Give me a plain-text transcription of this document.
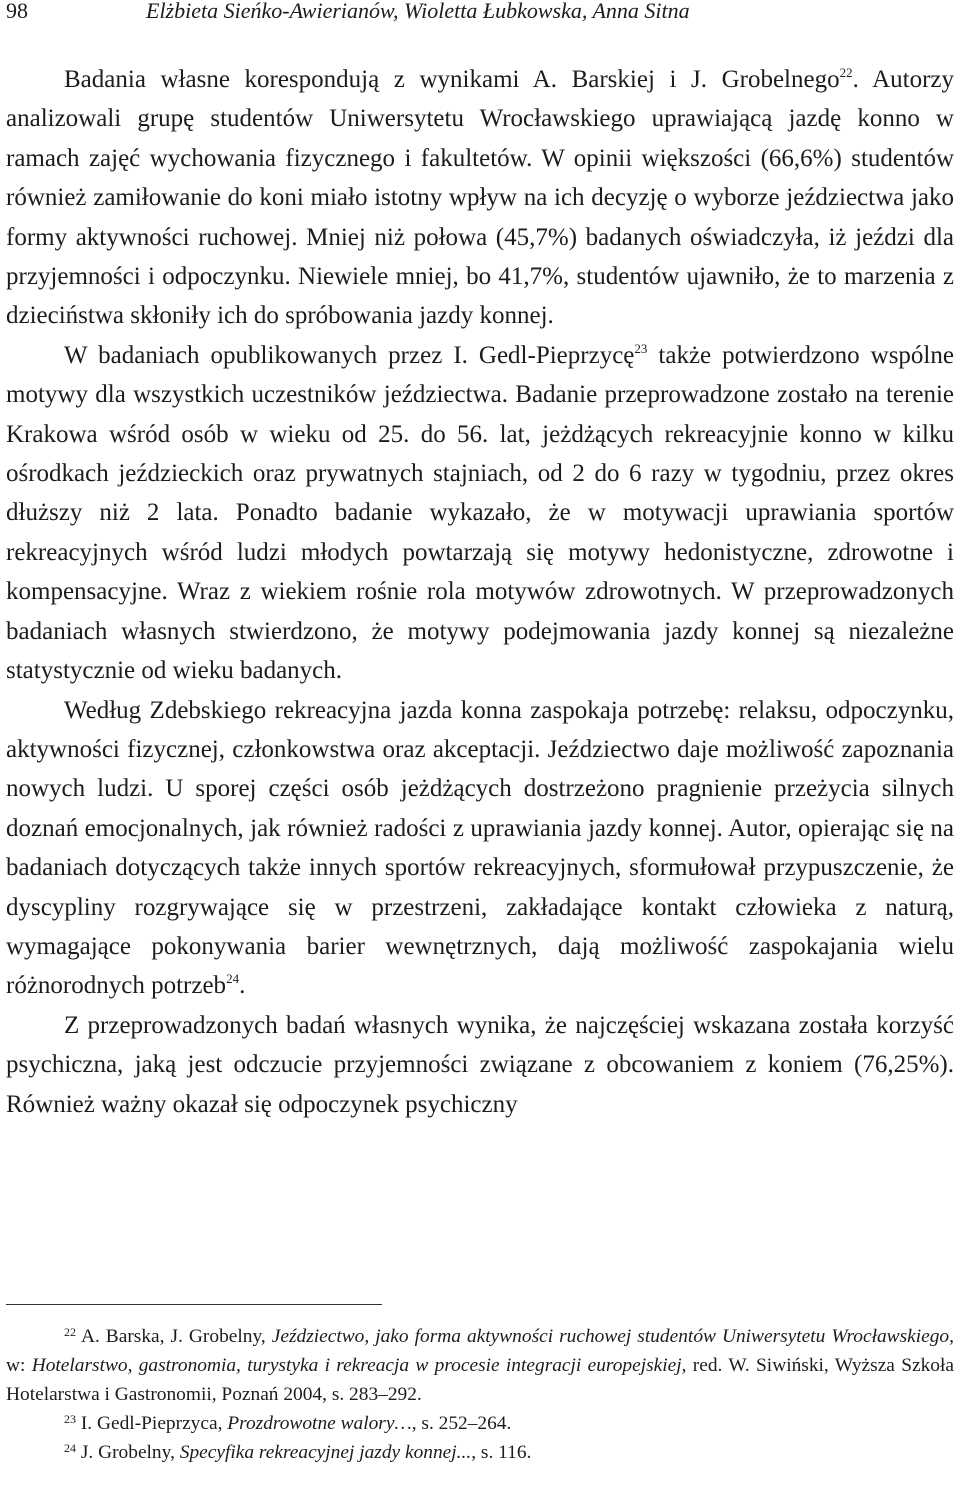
98	Elżbieta Sieńko-Awierianów, Wioletta Łubkowska, Anna Sitna

Badania własne korespondują z wynikami A. Barskiej i J. Grobelnego$^{22}$. Autorzy analizowali grupę studentów Uniwersytetu Wrocławskiego uprawiającą jazdę konno w ramach zajęć wychowania fizycznego i fakultetów. W opinii większości (66,6%) studentów również zamiłowanie do koni miało istotny wpływ na ich decyzję o wyborze jeździectwa jako formy aktywności ruchowej. Mniej niż połowa (45,7%) badanych oświadczyła, iż jeździ dla przyjemności i odpoczynku. Niewiele mniej, bo 41,7%, studentów ujawniło, że to marzenia z dzieciństwa skłoniły ich do spróbowania jazdy konnej.

W badaniach opublikowanych przez I. Gedl-Pieprzycę$^{23}$ także potwierdzono wspólne motywy dla wszystkich uczestników jeździectwa. Badanie przeprowadzone zostało na terenie Krakowa wśród osób w wieku od 25. do 56. lat, jeżdżących rekreacyjnie konno w kilku ośrodkach jeździeckich oraz prywatnych stajniach, od 2 do 6 razy w tygodniu, przez okres dłuższy niż 2 lata. Ponadto badanie wykazało, że w motywacji uprawiania sportów rekreacyjnych wśród ludzi młodych powtarzają się motywy hedonistyczne, zdrowotne i kompensacyjne. Wraz z wiekiem rośnie rola motywów zdrowotnych. W przeprowadzonych badaniach własnych stwierdzono, że motywy podejmowania jazdy konnej są niezależne statystycznie od wieku badanych.

Według Zdebskiego rekreacyjna jazda konna zaspokaja potrzebę: relaksu, odpoczynku, aktywności fizycznej, członkowstwa oraz akceptacji. Jeździectwo daje możliwość zapoznania nowych ludzi. U sporej części osób jeżdżących dostrzeżono pragnienie przeżycia silnych doznań emocjonalnych, jak również radości z uprawiania jazdy konnej. Autor, opierając się na badaniach dotyczących także innych sportów rekreacyjnych, sformułował przypuszczenie, że dyscypliny rozgrywające się w przestrzeni, zakładające kontakt człowieka z naturą, wymagające pokonywania barier wewnętrznych, dają możliwość zaspokajania wielu różnorodnych potrzeb$^{24}$.

Z przeprowadzonych badań własnych wynika, że najczęściej wskazana została korzyść psychiczna, jaką jest odczucie przyjemności związane z obcowaniem z koniem (76,25%). Również ważny okazał się odpoczynek psychiczny

$^{22}$ A. Barska, J. Grobelny, Jeździectwo, jako forma aktywności ruchowej studentów Uniwersytetu Wrocławskiego, w: Hotelarstwo, gastronomia, turystyka i rekreacja w procesie integracji europejskiej, red. W. Siwiński, Wyższa Szkoła Hotelarstwa i Gastronomii, Poznań 2004, s. 283–292.

$^{23}$ I. Gedl-Pieprzyca, Prozdrowotne walory…, s. 252–264.

$^{24}$ J. Grobelny, Specyfika rekreacyjnej jazdy konnej..., s. 116.
